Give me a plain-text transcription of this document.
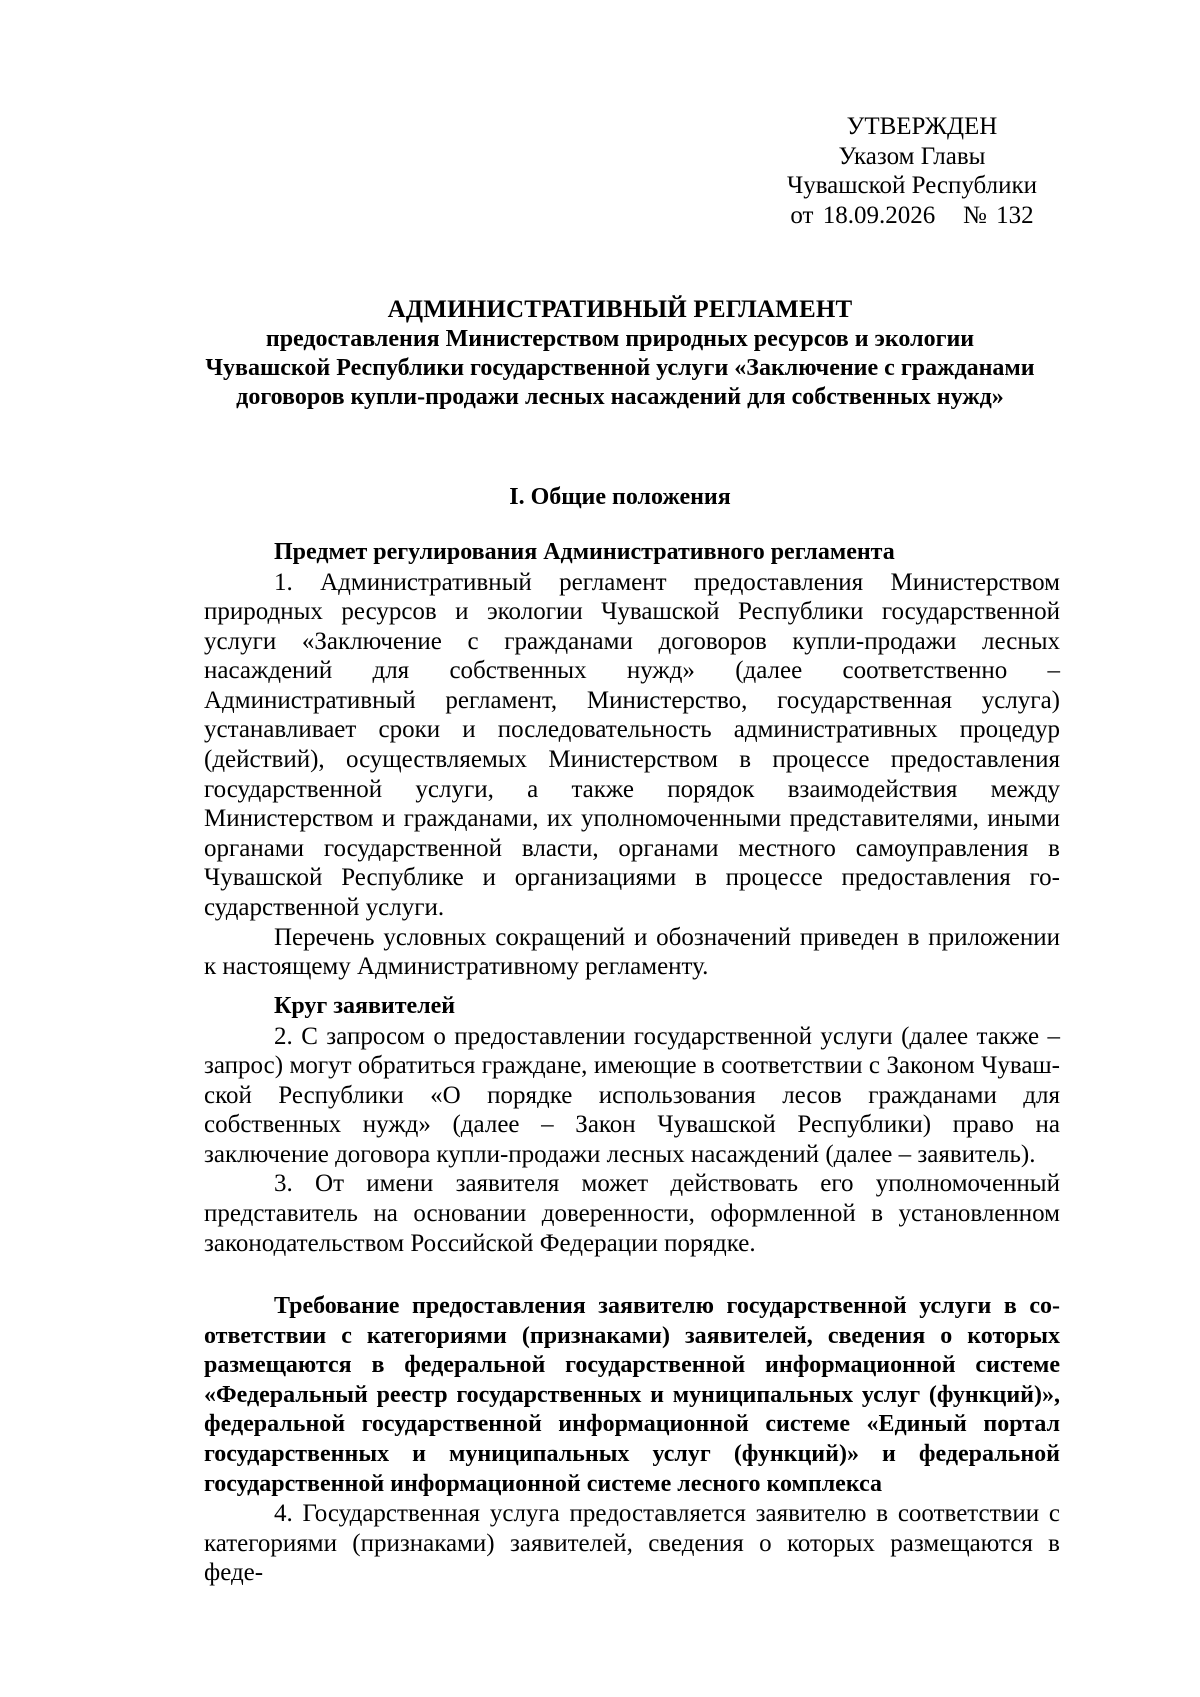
УТВЕРЖДЕН
Указом Главы
Чувашской Республики
от 18.09.2026   № 132
АДМИНИСТРАТИВНЫЙ РЕГЛАМЕНТ
предоставления Министерством природных ресурсов и экологии
Чувашской Республики государственной услуги «Заключение с гражданами
договоров купли-продажи лесных насаждений для собственных нужд»
I. Общие положения
Предмет регулирования Административного регламента
1. Административный регламент предоставления Министерством природных ресурсов и экологии Чувашской Республики государственной услуги «Заключение с гражданами договоров купли-продажи лесных насаждений для собственных нужд» (далее соответственно – Административный регламент, Министерство, государственная услуга) устанавливает сроки и последовательность административных процедур (действий), осуществляемых Министерством в процессе предоставления государственной услуги, а также порядок взаимодействия между Министерством и гражданами, их уполномоченными представителями, иными органами государственной власти, органами местного самоуправления в Чувашской Республике и организациями в процессе предоставления государственной услуги.
Перечень условных сокращений и обозначений приведен в приложении к настоящему Административному регламенту.
Круг заявителей
2. С запросом о предоставлении государственной услуги (далее также – запрос) могут обратиться граждане, имеющие в соответствии с Законом Чувашской Республики «О порядке использования лесов гражданами для собственных нужд» (далее – Закон Чувашской Республики) право на заключение договора купли-продажи лесных насаждений (далее – заявитель).
3. От имени заявителя может действовать его уполномоченный представитель на основании доверенности, оформленной в установленном законодательством Российской Федерации порядке.
Требование предоставления заявителю государственной услуги в соответствии с категориями (признаками) заявителей, сведения о которых размещаются в федеральной государственной информационной системе «Федеральный реестр государственных и муниципальных услуг (функций)», федеральной государственной информационной системе «Единый портал государственных и муниципальных услуг (функций)» и федеральной государственной информационной системе лесного комплекса
4. Государственная услуга предоставляется заявителю в соответствии с категориями (признаками) заявителей, сведения о которых размещаются в феде-
